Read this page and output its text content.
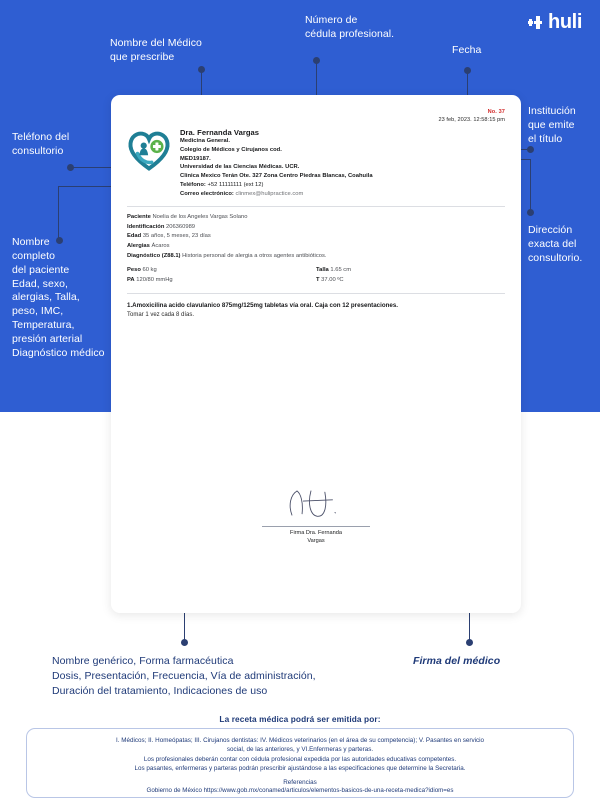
huli
Nombre del Médico
que prescribe
Número de
cédula profesional.
Fecha
Institución
que emite
el título
Dirección
exacta del
consultorio.
Teléfono del
consultorio
Nombre
completo
del paciente
Edad, sexo,
alergias, Talla,
peso, IMC,
Temperatura,
presión arterial
Diagnóstico médico
Nombre genérico, Forma farmacéutica
Dosis, Presentación, Frecuencia, Vía de administración,
Duración del tratamiento, Indicaciones de uso
Firma del médico
No. 37
23 feb, 2023. 12:58:15 pm
Dra. Fernanda Vargas
Medicina General.
Colegio de Médicos y Cirujanos cod.
MED19187.
Universidad de las Ciencias Médicas. UCR.
Clinica Mexico Terán Ote. 327 Zona Centro Piedras Blancas, Coahuila
Teléfono: +52 11111111 (ext 12)
Correo electrónico: clinmex@hulipractice.com
Paciente Noelia de los Angeles Vargas Solano
Identificación 206360989
Edad 35 años, 5 meses, 23 días
Alergias Ácaros
Diagnóstico (Z88.1) Historia personal de alergia a otros agentes antibióticos.
Peso 60 kg
PA 120/80 mmHg
Talla 1.65 cm
T 37.00 ºC
1.Amoxicilina acido clavulanico 875mg/125mg tabletas vía oral. Caja con 12 presentaciones.
Tomar 1 vez cada 8 días.
Firma Dra. Fernanda
Vargas
La receta médica podrá ser emitida por:
I. Médicos; II. Homeópatas; III. Cirujanos dentistas: IV. Médicos veterinarios (en el área de su competencia); V. Pasantes en servicio
social, de las anteriores, y VI.Enfermeras y parteras.
Los profesionales deberán contar con cédula profesional expedida por las autoridades educativas competentes.
Los pasantes, enfermeras y parteras podrán prescribir ajustándose a las especificaciones que determine la Secretaria.
Referencias
Gobierno de México https://www.gob.mx/conamed/articulos/elementos-basicos-de-una-receta-medica?idiom=es
